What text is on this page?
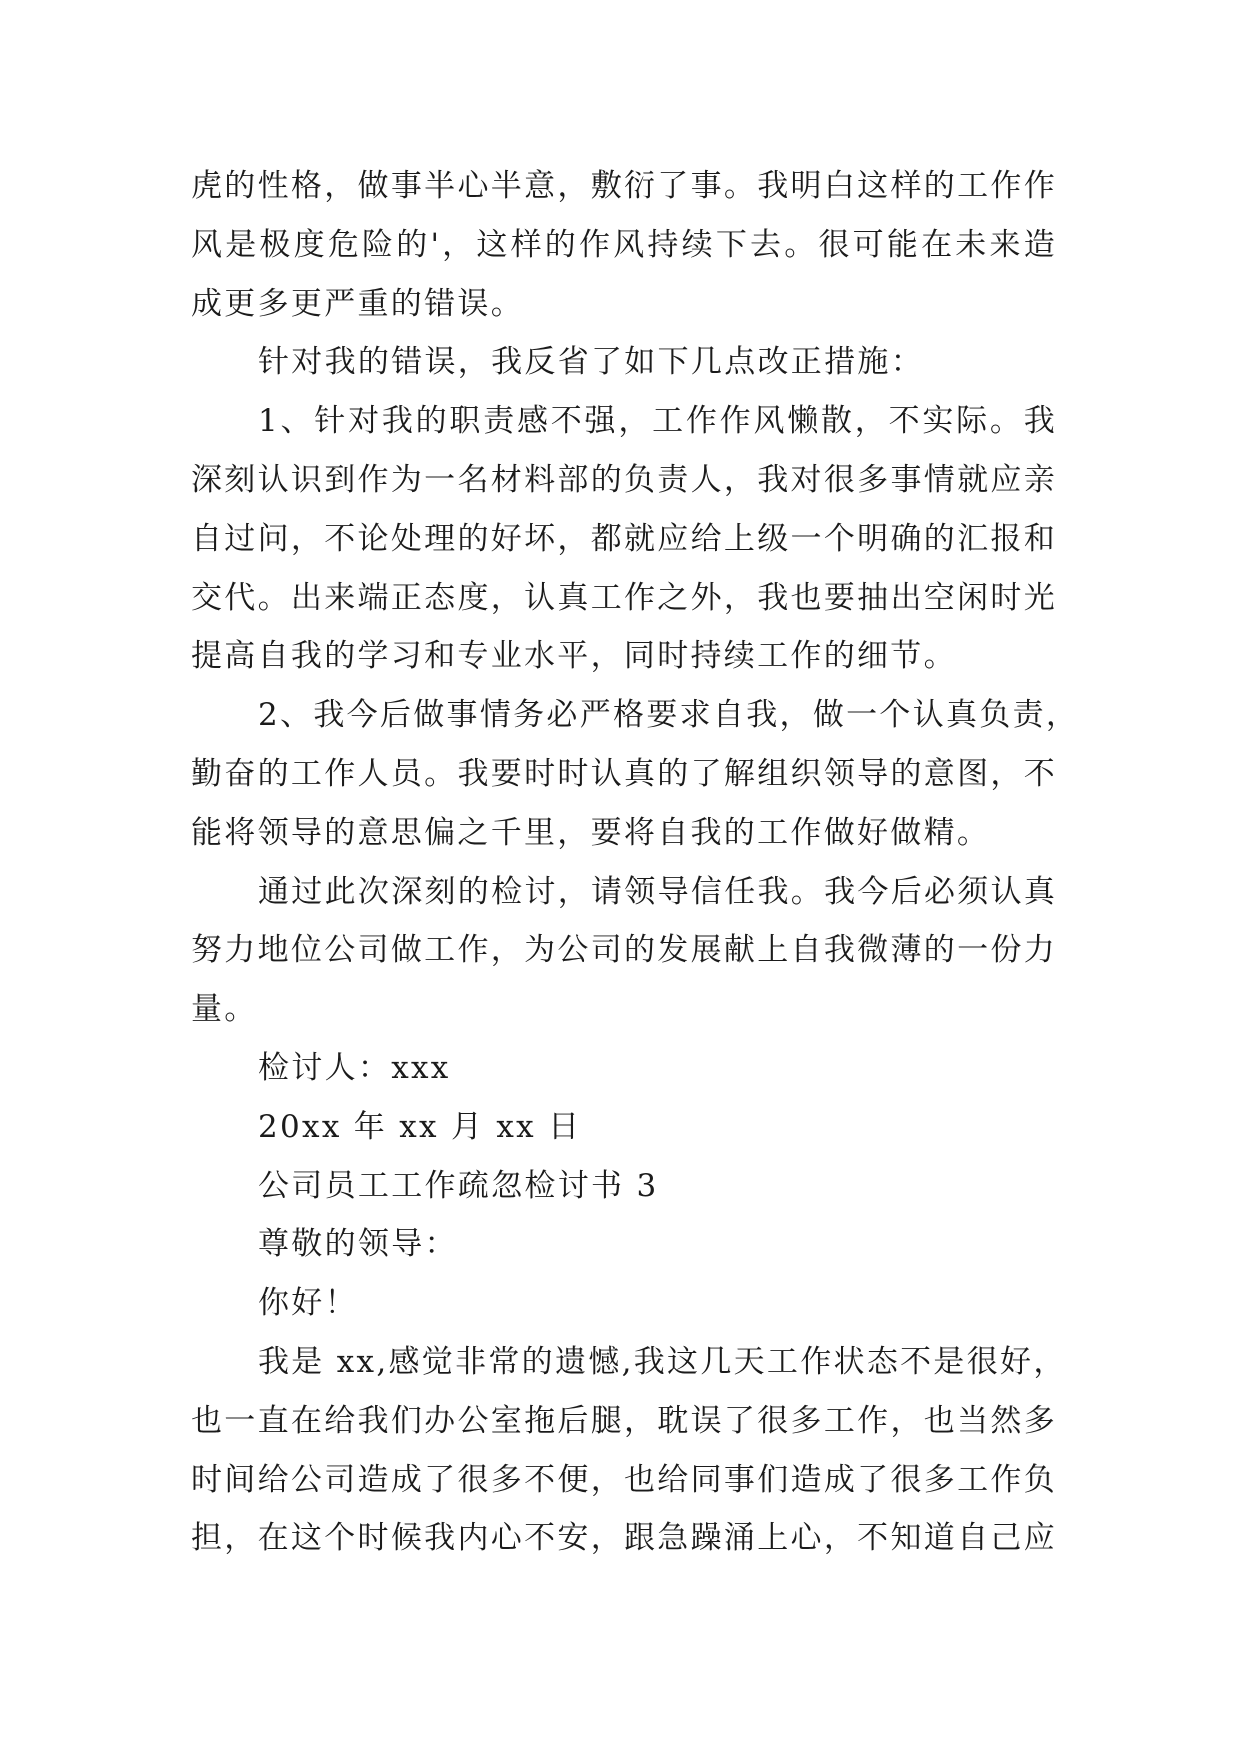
虎的性格，做事半心半意，敷衍了事。我明白这样的工作作
风是极度危险的'，这样的作风持续下去。很可能在未来造
成更多更严重的错误。
针对我的错误，我反省了如下几点改正措施：
1、针对我的职责感不强，工作作风懒散，不实际。我
深刻认识到作为一名材料部的负责人，我对很多事情就应亲
自过问，不论处理的好坏，都就应给上级一个明确的汇报和
交代。出来端正态度，认真工作之外，我也要抽出空闲时光
提高自我的学习和专业水平，同时持续工作的细节。
2、我今后做事情务必严格要求自我，做一个认真负责，
勤奋的工作人员。我要时时认真的了解组织领导的意图，不
能将领导的意思偏之千里，要将自我的工作做好做精。
通过此次深刻的检讨，请领导信任我。我今后必须认真
努力地位公司做工作，为公司的发展献上自我微薄的一份力
量。
检讨人：xxx
20xx 年 xx 月 xx 日
公司员工工作疏忽检讨书 3
尊敬的领导：
你好！
我是 xx,感觉非常的遗憾,我这几天工作状态不是很好，
也一直在给我们办公室拖后腿，耽误了很多工作，也当然多
时间给公司造成了很多不便，也给同事们造成了很多工作负
担，在这个时候我内心不安，跟急躁涌上心，不知道自己应
